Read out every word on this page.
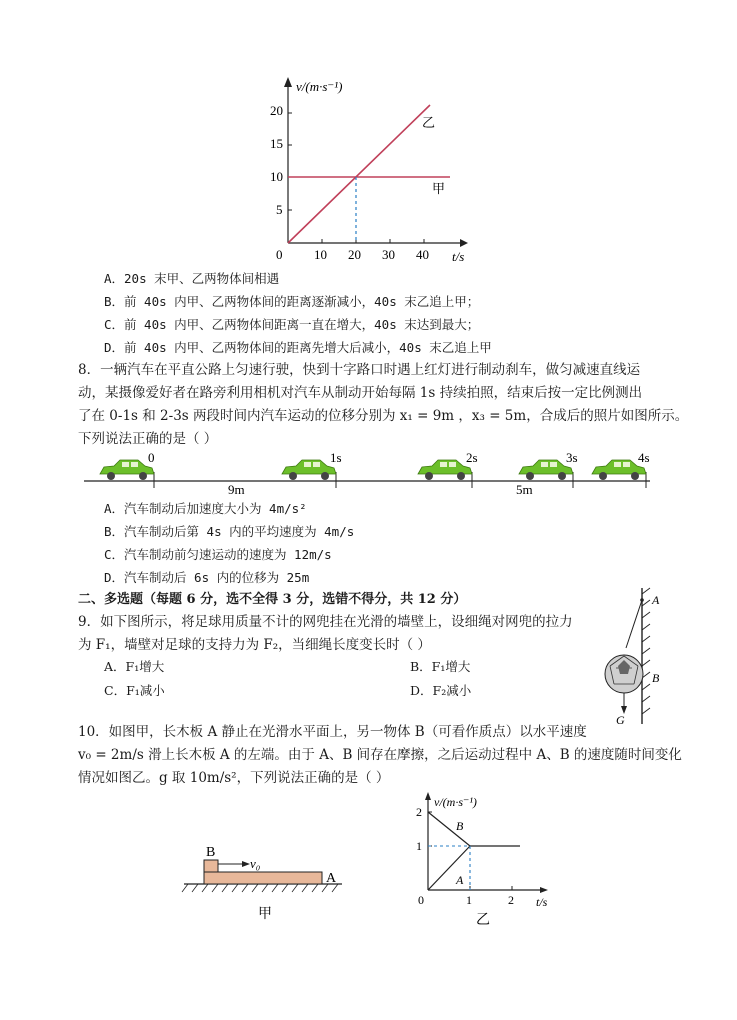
v/(m·s⁻¹)
20
15
10
5
0 10 20 30 40 t/s
乙
甲
A．20s 末甲、乙两物体间相遇
B．前 40s 内甲、乙两物体间的距离逐渐减小，40s 末乙追上甲；
C．前 40s 内甲、乙两物体间距离一直在增大，40s 末达到最大；
D．前 40s 内甲、乙两物体间的距离先增大后减小，40s 末乙追上甲
8．一辆汽车在平直公路上匀速行驶，快到十字路口时遇上红灯进行制动刹车，做匀减速直线运
动，某摄像爱好者在路旁利用相机对汽车从制动开始每隔 1s 持续拍照，结束后按一定比例测出
了在 0-1s 和 2-3s 两段时间内汽车运动的位移分别为 x₁ = 9m ，x₃ = 5m，合成后的照片如图所示。
下列说法正确的是（ ）
0	1s	2s	3s	4s
9m	5m
A．汽车制动后加速度大小为 4m/s²
B．汽车制动后第 4s 内的平均速度为 4m/s
C．汽车制动前匀速运动的速度为 12m/s
D．汽车制动后 6s 内的位移为 25m
二、多选题（每题 6 分，选不全得 3 分，选错不得分，共 12 分）
9．如下图所示，将足球用质量不计的网兜挂在光滑的墙壁上，设细绳对网兜的拉力
为 F₁，墙壁对足球的支持力为 F₂，当细绳长度变长时（ ）
A．F₁增大	B．F₁增大
C．F₁减小	D．F₂减小
A
B
G
10．如图甲，长木板 A 静止在光滑水平面上，另一物体 B（可看作质点）以水平速度
v₀ = 2m/s 滑上长木板 A 的左端。由于 A、B 间存在摩擦，之后运动过程中 A、B 的速度随时间变化
情况如图乙。g 取 10m/s²，下列说法正确的是（ ）
B
v₀
A
甲
v/(m·s⁻¹)
2
1
0	1	2 t/s
B
A
乙
